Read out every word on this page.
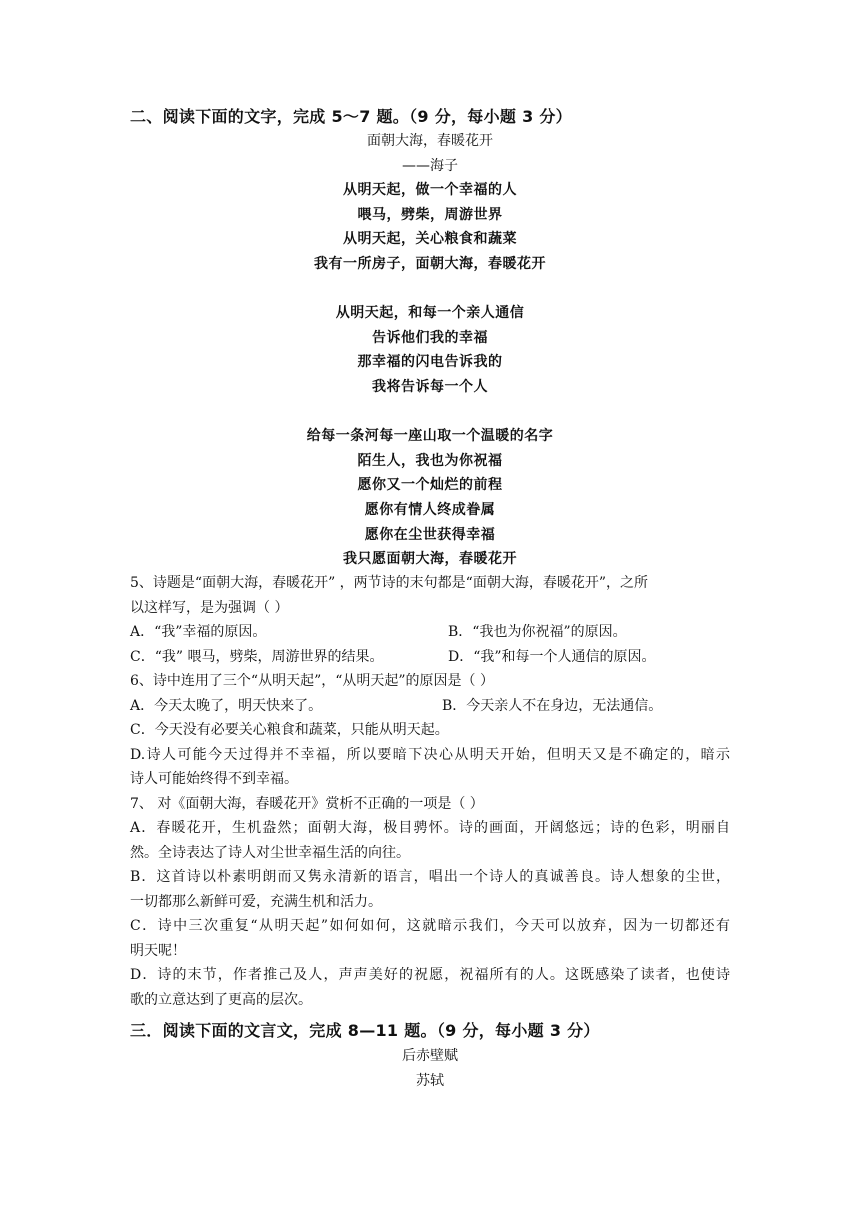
二、阅读下面的文字，完成 5～7 题。（9 分，每小题 3 分）
面朝大海，春暖花开
——海子
从明天起，做一个幸福的人
喂马，劈柴，周游世界
从明天起，关心粮食和蔬菜
我有一所房子，面朝大海，春暖花开
从明天起，和每一个亲人通信
告诉他们我的幸福
那幸福的闪电告诉我的
我将告诉每一个人
给每一条河每一座山取一个温暖的名字
陌生人，我也为你祝福
愿你又一个灿烂的前程
愿你有情人终成眷属
愿你在尘世获得幸福
我只愿面朝大海，春暖花开
5、诗题是“面朝大海，春暖花开” ，两节诗的末句都是“面朝大海，春暖花开”，之所
以这样写，是为强调（ ）
A．“我”幸福的原因。	B．“我也为你祝福”的原因。
C．“我” 喂马，劈柴，周游世界的结果。	D．“我”和每一个人通信的原因。
6、诗中连用了三个“从明天起”，“从明天起”的原因是（ ）
A．今天太晚了，明天快来了。	B．今天亲人不在身边，无法通信。
C．今天没有必要关心粮食和蔬菜，只能从明天起。
D.诗人可能今天过得并不幸福，所以要暗下决心从明天开始，但明天又是不确定的，暗示
诗人可能始终得不到幸福。
7、 对《面朝大海，春暖花开》赏析不正确的一项是（ ）
A．春暖花开，生机盎然；面朝大海，极目骋怀。诗的画面，开阔悠远；诗的色彩，明丽自
然。全诗表达了诗人对尘世幸福生活的向往。
B．这首诗以朴素明朗而又隽永清新的语言，唱出一个诗人的真诚善良。诗人想象的尘世，
一切都那么新鲜可爱，充满生机和活力。
C．诗中三次重复“从明天起”如何如何，这就暗示我们，今天可以放弃，因为一切都还有
明天呢！
D．诗的末节，作者推己及人，声声美好的祝愿，祝福所有的人。这既感染了读者，也使诗
歌的立意达到了更高的层次。
三．阅读下面的文言文，完成 8—11 题。（9 分，每小题 3 分）
后赤壁赋
苏轼
